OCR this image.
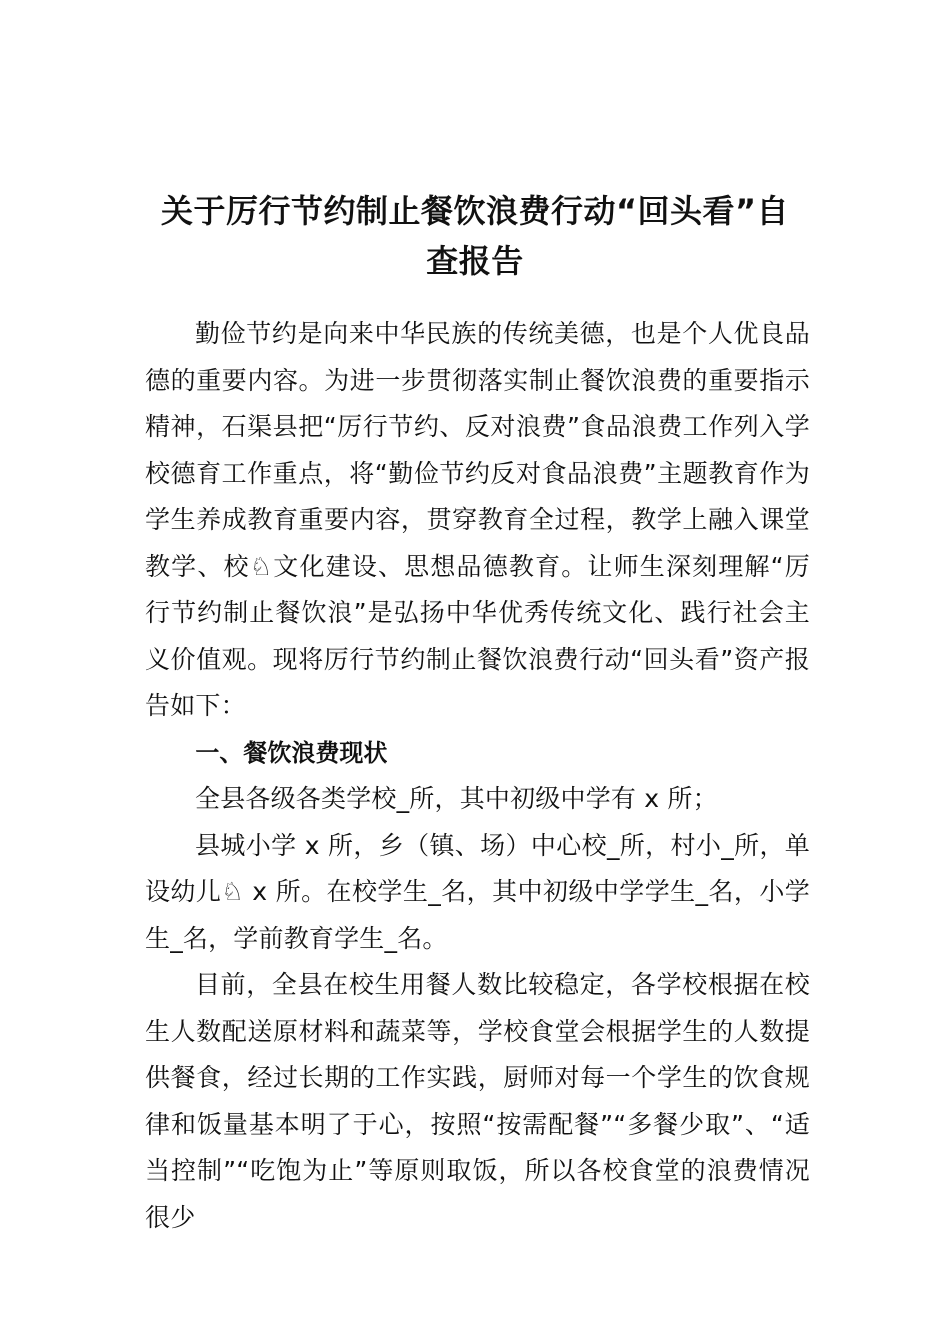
关于厉行节约制止餐饮浪费行动“回头看”自查报告

勤俭节约是向来中华民族的传统美德，也是个人优良品德的重要内容。为进一步贯彻落实制止餐饮浪费的重要指示精神，石渠县把“厉行节约、反对浪费”食品浪费工作列入学校德育工作重点，将“勤俭节约反对食品浪费”主题教育作为学生养成教育重要内容，贯穿教育全过程，教学上融入课堂教学、校♘文化建设、思想品德教育。让师生深刻理解“厉行节约制止餐饮浪”是弘扬中华优秀传统文化、践行社会主义价值观。现将厉行节约制止餐饮浪费行动“回头看”资产报告如下：

一、餐饮浪费现状

全县各级各类学校_所，其中初级中学有 x 所；

县城小学 x 所，乡（镇、场）中心校_所，村小_所，单设幼儿♘ x 所。在校学生_名，其中初级中学学生_名，小学生_名，学前教育学生_名。

目前，全县在校生用餐人数比较稳定，各学校根据在校生人数配送原材料和蔬菜等，学校食堂会根据学生的人数提供餐食，经过长期的工作实践，厨师对每一个学生的饮食规律和饭量基本明了于心，按照“按需配餐”“多餐少取”、“适当控制”“吃饱为止”等原则取饭，所以各校食堂的浪费情况很少
